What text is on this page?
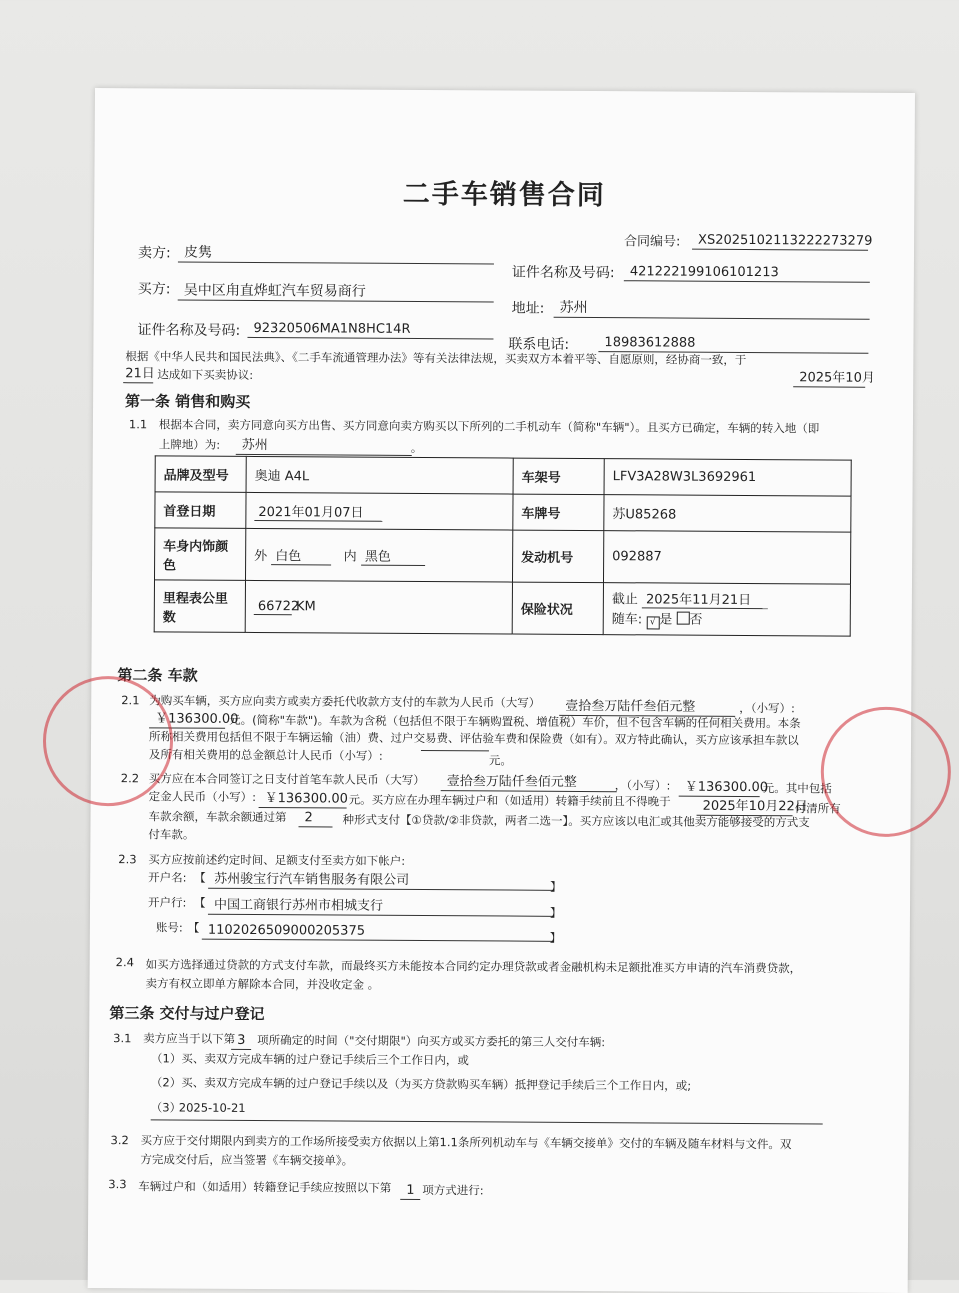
二手车销售合同
合同编号:	XS2025102113222273279
卖方: 皮隽
证件名称及号码:	421222199106101213
买方: 吴中区甪直烨虹汽车贸易商行
地址:	苏州
证件名称及号码:	92320506MA1N8HC14R
联系电话:	18983612888
根据《中华人民共和国民法典》、《二手车流通管理办法》等有关法律法规，买卖双方本着平等、自愿原则，经协商一致，于
2025年10月
21日 达成如下买卖协议:
第一条 销售和购买
1.1 根据本合同，卖方同意向买方出售、买方同意向卖方购买以下所列的二手机动车（简称"车辆"）。且买方已确定，车辆的转入地（即
上牌地）为:	苏州	。
品牌及型号	奥迪 A4L	车架号	LFV3A28W3L3692961
首登日期	2021年01月07日	车牌号	苏U85268
车身内饰颜色	外 白色 内 黑色	发动机号	092887
里程表公里数	66722 KM	保险状况	截止 2025年11月21日
随车: √ 是 否
第二条 车款
2.1 为购买车辆，买方应向卖方或卖方委托代收款方支付的车款为人民币（大写）	壹拾叁万陆仟叁佰元整	，（小写）:
￥136300.00
元。(简称"车款")。车款为含税（包括但不限于车辆购置税、增值税）车价，但不包含车辆的任何相关费用。本条
所称相关费用包括但不限于车辆运输（油）费、过户交易费、评估验车费和保险费（如有）。双方特此确认，买方应该承担车款以
及所有相关费用的总金额总计人民币（小写）:	元。
2.2 买方应在本合同签订之日支付首笔车款人民币（大写）	壹拾叁万陆仟叁佰元整	，（小写）:	￥136300.00
元。其中包括
定金人民币（小写）: ￥136300.00 元。买方应在办理车辆过户和（如适用）转籍手续前且不得晚于	2025年10月22日
付清所有
车款余额，车款余额通过第	2	种形式支付【①贷款/②非贷款，两者二选一】。买方应该以电汇或其他卖方能够接受的方式支
付车款。
2.3 买方应按前述约定时间、足额支付至卖方如下帐户:
开户名: 【 苏州骏宝行汽车销售服务有限公司	】
开户行: 【 中国工商银行苏州市相城支行	】
账号: 【 1102026509000205375	】
2.4 如买方选择通过贷款的方式支付车款，而最终买方未能按本合同约定办理贷款或者金融机构未足额批准买方申请的汽车消费贷款，
卖方有权立即单方解除本合同，并没收定金 。
第三条 交付与过户登记
3.1 卖方应当于以下第 3	项所确定的时间（"交付期限"）向买方或买方委托的第三人交付车辆:
（1）买、卖双方完成车辆的过户登记手续后三个工作日内，或
（2）买、卖双方完成车辆的过户登记手续以及（为买方贷款购买车辆）抵押登记手续后三个工作日内，或;
（3）
2025-10-21
3.2 买方应于交付期限内到卖方的工作场所接受卖方依据以上第1.1条所列机动车与《车辆交接单》交付的车辆及随车材料与文件。双
方完成交付后，应当签署《车辆交接单》。
3.3 车辆过户和（如适用）转籍登记手续应按照以下第	1 项方式进行:
